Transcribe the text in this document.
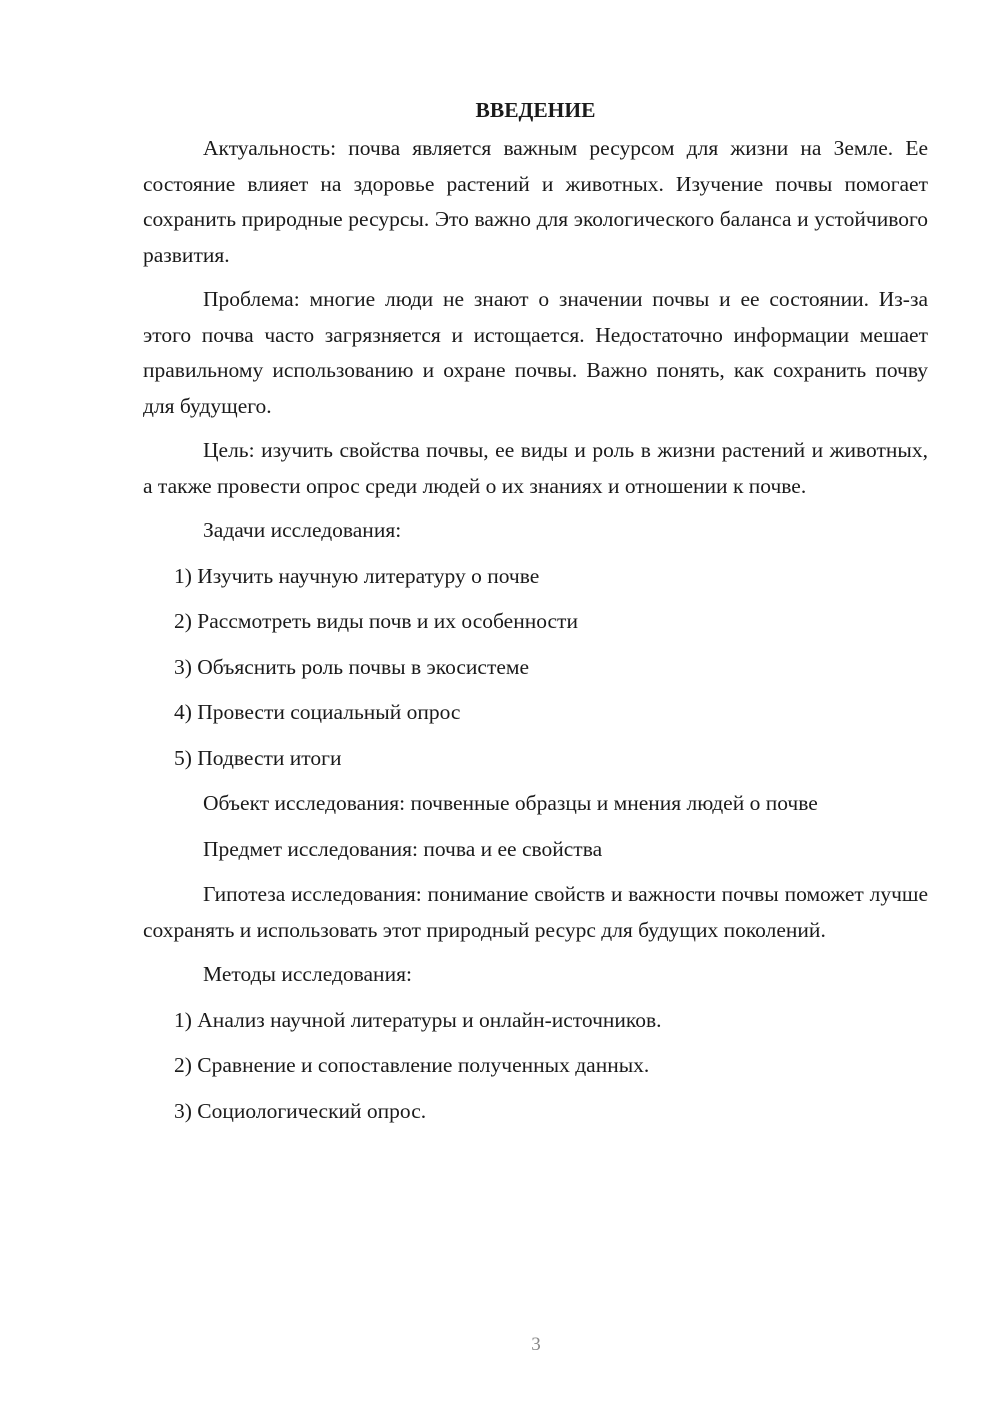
ВВЕДЕНИЕ

Актуальность: почва является важным ресурсом для жизни на Земле. Ее состояние влияет на здоровье растений и животных. Изучение почвы помогает сохранить природные ресурсы. Это важно для экологического баланса и устойчивого развития.

Проблема: многие люди не знают о значении почвы и ее состоянии. Из-за этого почва часто загрязняется и истощается. Недостаточно информации мешает правильному использованию и охране почвы. Важно понять, как сохранить почву для будущего.

Цель: изучить свойства почвы, ее виды и роль в жизни растений и животных, а также провести опрос среди людей о их знаниях и отношении к почве.

Задачи исследования:
1) Изучить научную литературу о почве
2) Рассмотреть виды почв и их особенности
3) Объяснить роль почвы в экосистеме
4) Провести социальный опрос
5) Подвести итоги
Объект исследования: почвенные образцы и мнения людей о почве
Предмет исследования: почва и ее свойства

Гипотеза исследования: понимание свойств и важности почвы поможет лучше сохранять и использовать этот природный ресурс для будущих поколений.

Методы исследования:
1) Анализ научной литературы и онлайн-источников.
2) Сравнение и сопоставление полученных данных.
3) Социологический опрос.
3
